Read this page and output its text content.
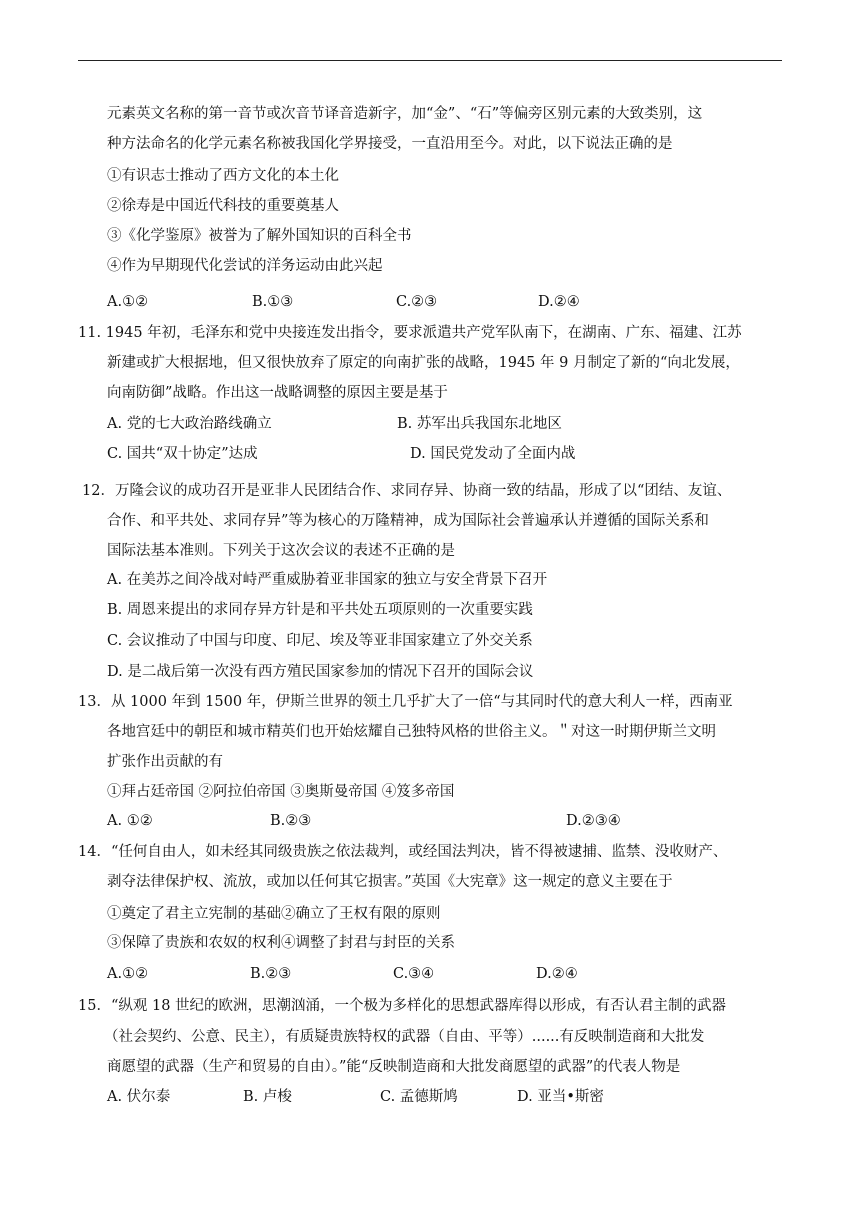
元素英文名称的第一音节或次音节译音造新字，加“金”、“石”等偏旁区别元素的大致类别，这
种方法命名的化学元素名称被我国化学界接受，一直沿用至今。对此，以下说法正确的是
①有识志士推动了西方文化的本土化
②徐寿是中国近代科技的重要奠基人
③《化学鉴原》被誉为了解外国知识的百科全书
④作为早期现代化尝试的洋务运动由此兴起
A.①②	B.①③	C.②③	D.②④
11. 1945 年初，毛泽东和党中央接连发出指令，要求派遣共产党军队南下，在湖南、广东、福建、江苏
新建或扩大根据地，但又很快放弃了原定的向南扩张的战略，1945 年 9 月制定了新的“向北发展，
向南防御”战略。作出这一战略调整的原因主要是基于
A. 党的七大政治路线确立	B. 苏军出兵我国东北地区
C. 国共“双十协定”达成	D. 国民党发动了全面内战
12．万隆会议的成功召开是亚非人民团结合作、求同存异、协商一致的结晶，形成了以“团结、友谊、
合作、和平共处、求同存异”等为核心的万隆精神，成为国际社会普遍承认并遵循的国际关系和
国际法基本准则。下列关于这次会议的表述不正确的是
A. 在美苏之间冷战对峙严重威胁着亚非国家的独立与安全背景下召开
B. 周恩来提出的求同存异方针是和平共处五项原则的一次重要实践
C. 会议推动了中国与印度、印尼、埃及等亚非国家建立了外交关系
D. 是二战后第一次没有西方殖民国家参加的情况下召开的国际会议
13．从 1000 年到 1500 年，伊斯兰世界的领土几乎扩大了一倍“与其同时代的意大利人一样，西南亚
各地宫廷中的朝臣和城市精英们也开始炫耀自己独特风格的世俗主义。＂对这一时期伊斯兰文明
扩张作出贡献的有
①拜占廷帝国 ②阿拉伯帝国 ③奥斯曼帝国 ④笈多帝国
A. ①②	B.②③	D.②③④
14．“任何自由人，如未经其同级贵族之依法裁判，或经国法判决，皆不得被逮捕、监禁、没收财产、
剥夺法律保护权、流放，或加以任何其它损害。”英国《大宪章》这一规定的意义主要在于
①奠定了君主立宪制的基础②确立了王权有限的原则
③保障了贵族和农奴的权利④调整了封君与封臣的关系
A.①②	B.②③	C.③④	D.②④
15．“纵观 18 世纪的欧洲，思潮汹涌，一个极为多样化的思想武器库得以形成，有否认君主制的武器
（社会契约、公意、民主），有质疑贵族特权的武器（自由、平等）......有反映制造商和大批发
商愿望的武器（生产和贸易的自由）。”能“反映制造商和大批发商愿望的武器”的代表人物是
A. 伏尔泰	B. 卢梭	C. 孟德斯鸠	D. 亚当•斯密
